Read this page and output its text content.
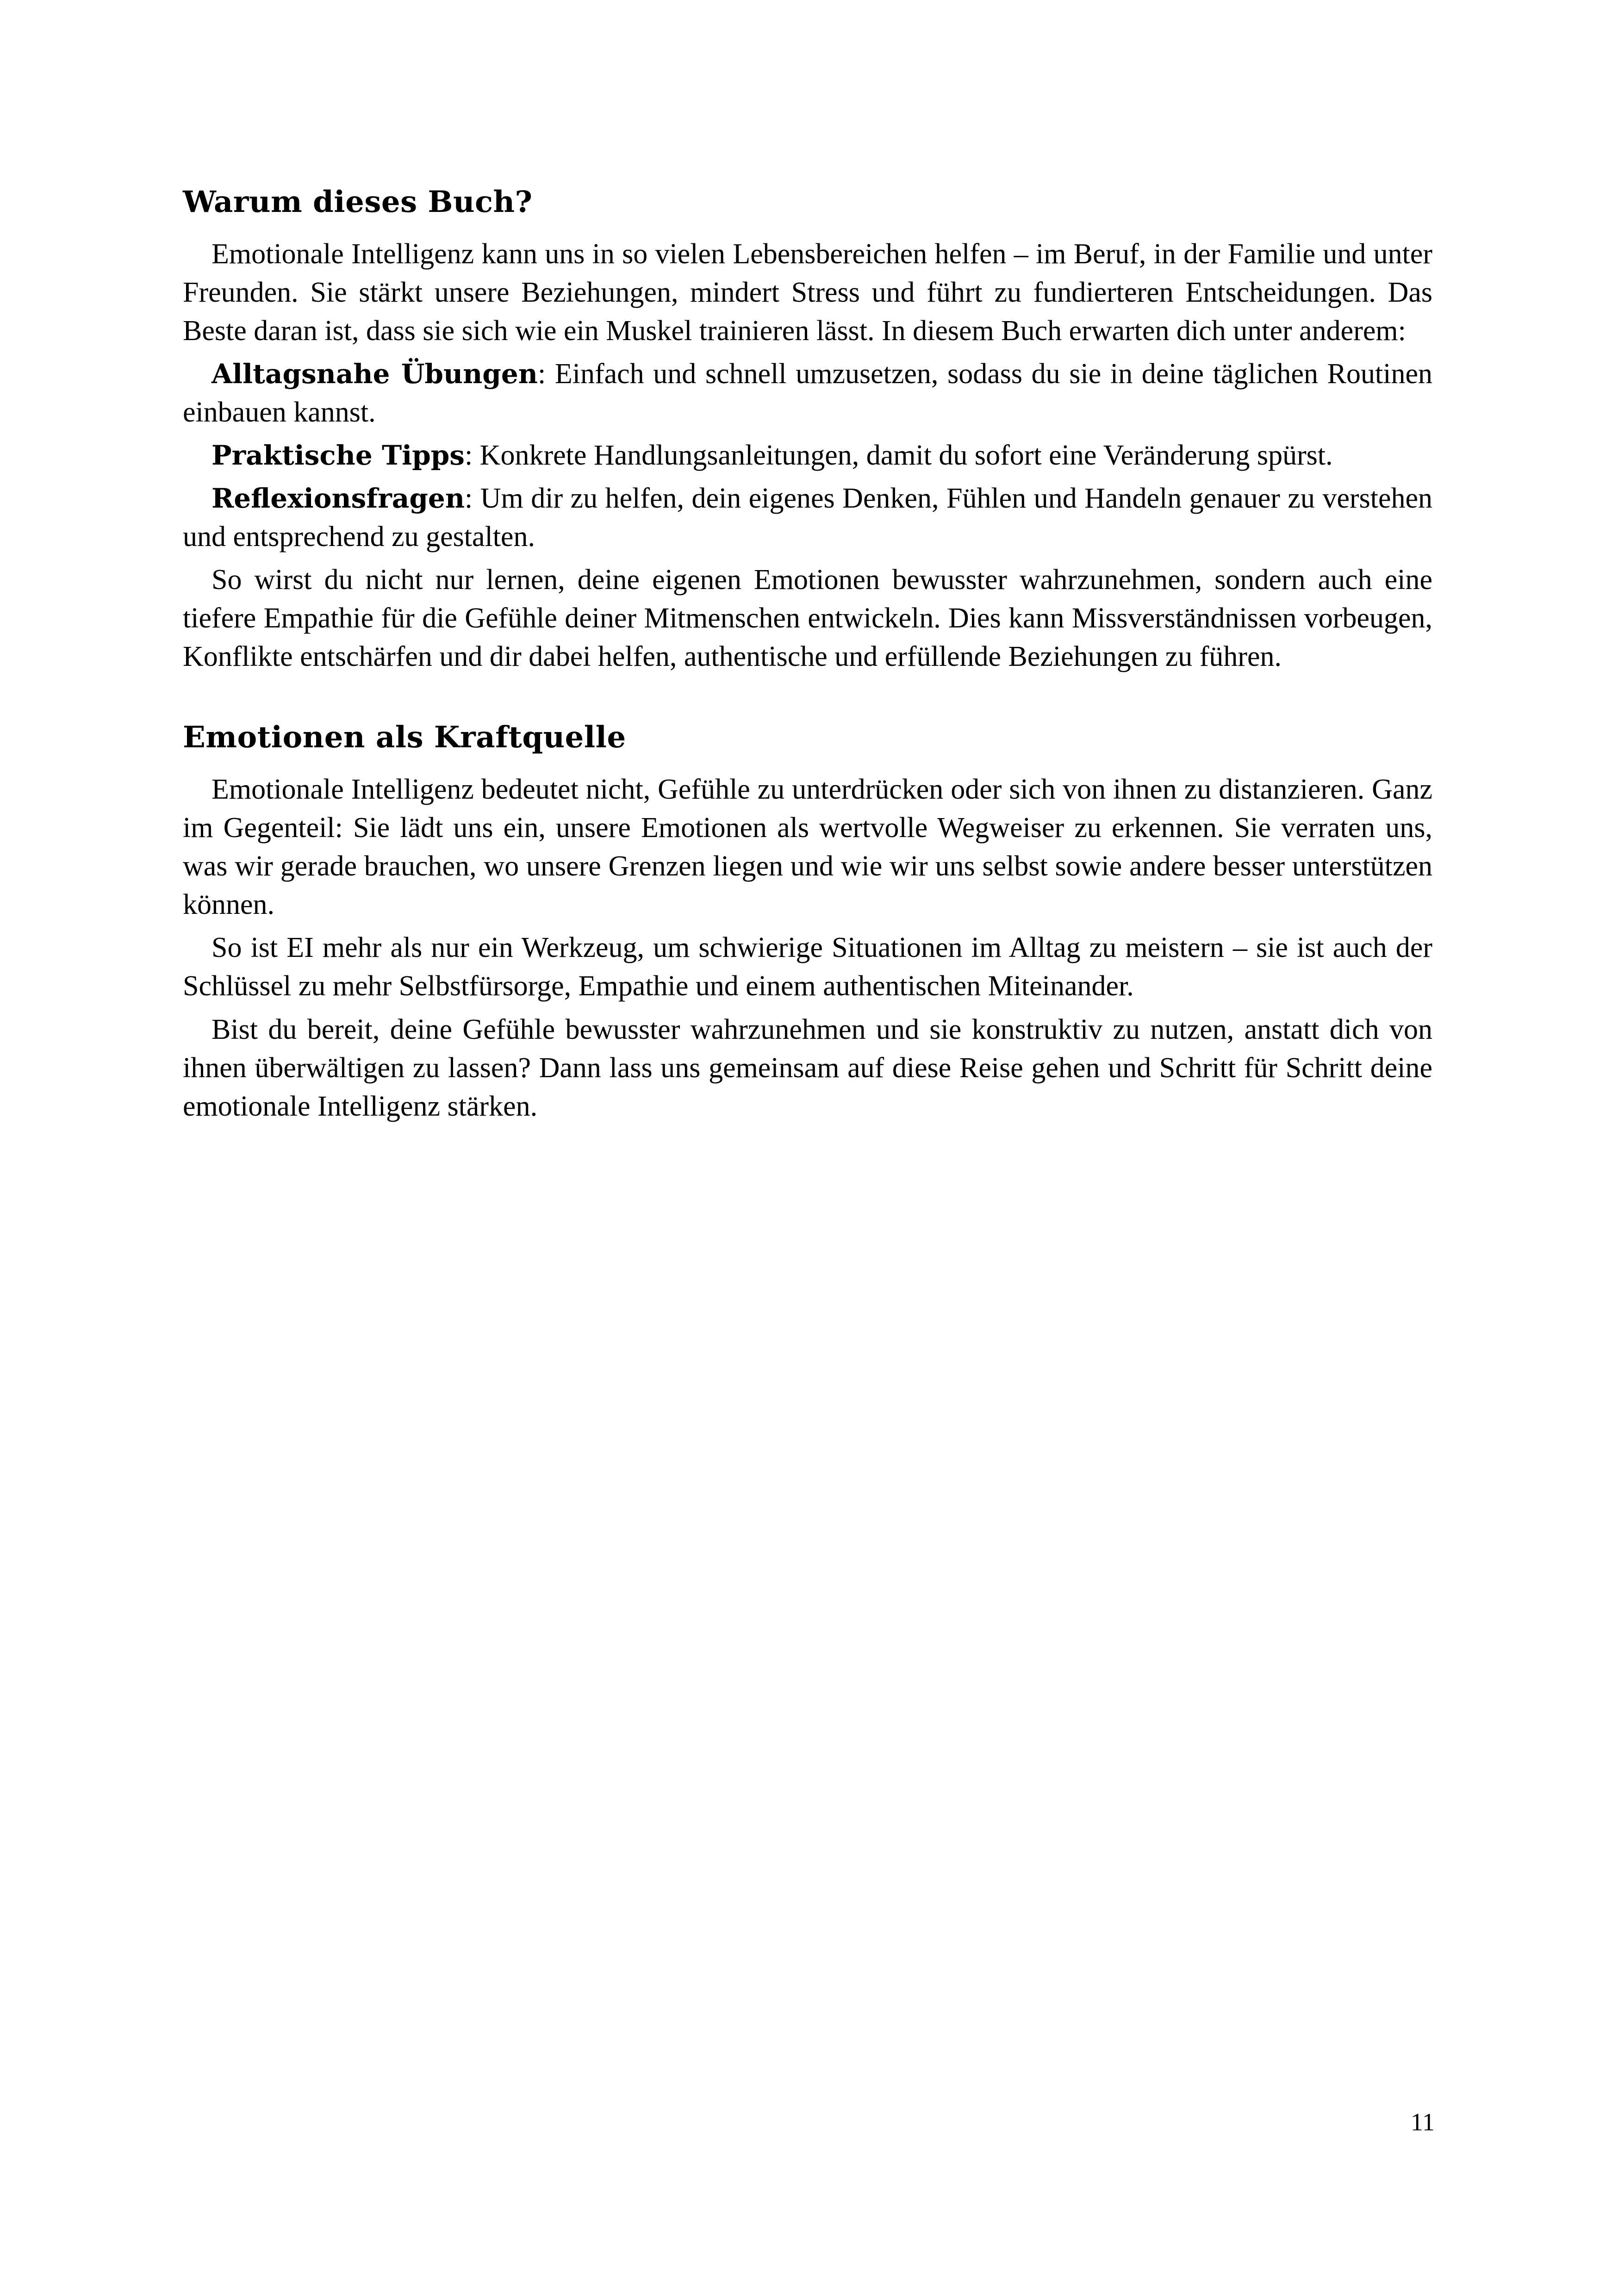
Warum dieses Buch?

Emotionale Intelligenz kann uns in so vielen Lebensbereichen helfen – im Beruf, in der Familie und unter Freunden. Sie stärkt unsere Beziehungen, mindert Stress und führt zu fundierteren Entscheidungen. Das Beste daran ist, dass sie sich wie ein Muskel trainieren lässt. In diesem Buch erwarten dich unter anderem:

Alltagsnahe Übungen: Einfach und schnell umzusetzen, sodass du sie in deine täglichen Routinen einbauen kannst.

Praktische Tipps: Konkrete Handlungsanleitungen, damit du sofort eine Veränderung spürst.

Reflexionsfragen: Um dir zu helfen, dein eigenes Denken, Fühlen und Handeln genauer zu verstehen und entsprechend zu gestalten.

So wirst du nicht nur lernen, deine eigenen Emotionen bewusster wahrzunehmen, sondern auch eine tiefere Empathie für die Gefühle deiner Mitmenschen entwickeln. Dies kann Missverständnissen vorbeugen, Konflikte entschärfen und dir dabei helfen, authentische und erfüllende Beziehungen zu führen.

Emotionen als Kraftquelle

Emotionale Intelligenz bedeutet nicht, Gefühle zu unterdrücken oder sich von ihnen zu distanzieren. Ganz im Gegenteil: Sie lädt uns ein, unsere Emotionen als wertvolle Wegweiser zu erkennen. Sie verraten uns, was wir gerade brauchen, wo unsere Grenzen liegen und wie wir uns selbst sowie andere besser unterstützen können.

So ist EI mehr als nur ein Werkzeug, um schwierige Situationen im Alltag zu meistern – sie ist auch der Schlüssel zu mehr Selbstfürsorge, Empathie und einem authentischen Miteinander.

Bist du bereit, deine Gefühle bewusster wahrzunehmen und sie konstruktiv zu nutzen, anstatt dich von ihnen überwältigen zu lassen? Dann lass uns gemeinsam auf diese Reise gehen und Schritt für Schritt deine emotionale Intelligenz stärken.

11
